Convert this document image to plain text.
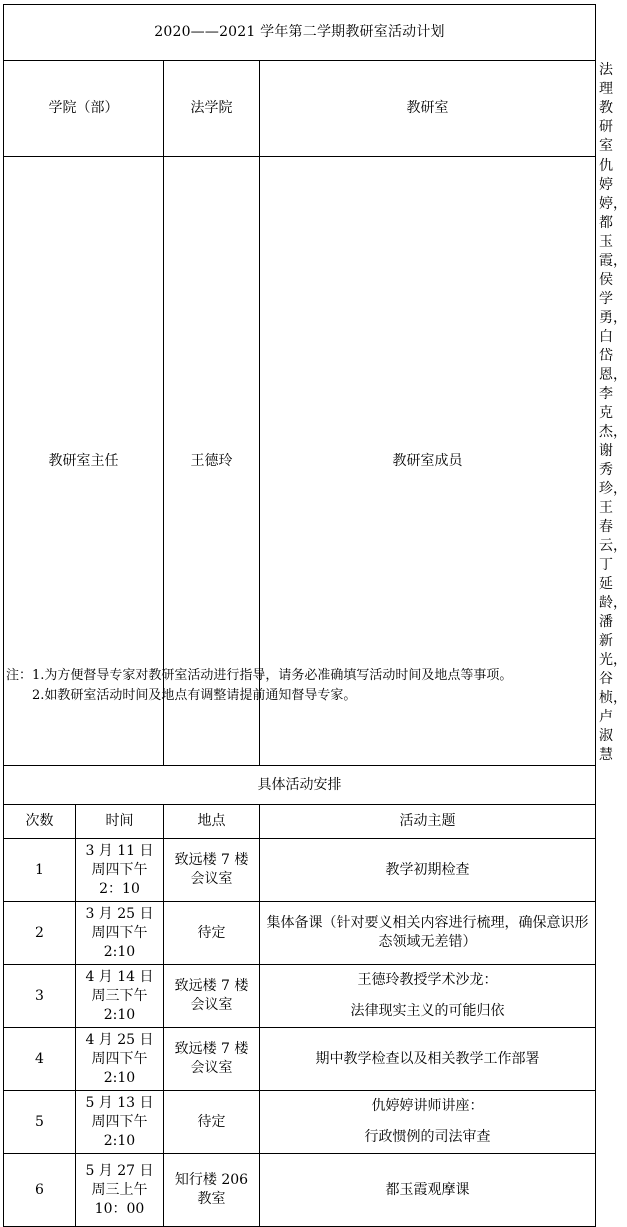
2020——2021 学年第二学期教研室活动计划				
学院（部）		法学院	教研室	法理教研室
教研室主任		王德玲	教研室成员	仇婷婷，都玉霞，侯学勇，白岱恩，李克杰，谢秀珍，王春云，丁延龄，潘新光，谷桢，卢淑慧
具体活动安排				
次数	时间	地点	活动主题	
1	3 月 11 日
周四下午
2：10	致远楼 7 楼
会议室	教学初期检查	

2	3 月 25 日
周四下午
2:10	待定	集体备课（针对要义相关内容进行梳理，确保意识形态领域无差错）	

3	4 月 14 日
周三下午
2:10	致远楼 7 楼
会议室	王德玲教授学术沙龙：
法律现实主义的可能归依	

4	4 月 25 日
周四下午
2:10	致远楼 7 楼
会议室	期中教学检查以及相关教学工作部署	

5	5 月 13 日
周四下午
2:10	待定	仇婷婷讲师讲座：
行政惯例的司法审查	

6	5 月 27 日
周三上午
10：00	知行楼 206
教室	都玉霞观摩课	
注：1.为方便督导专家对教研室活动进行指导，请务必准确填写活动时间及地点等事项。
2.如教研室活动时间及地点有调整请提前通知督导专家。
